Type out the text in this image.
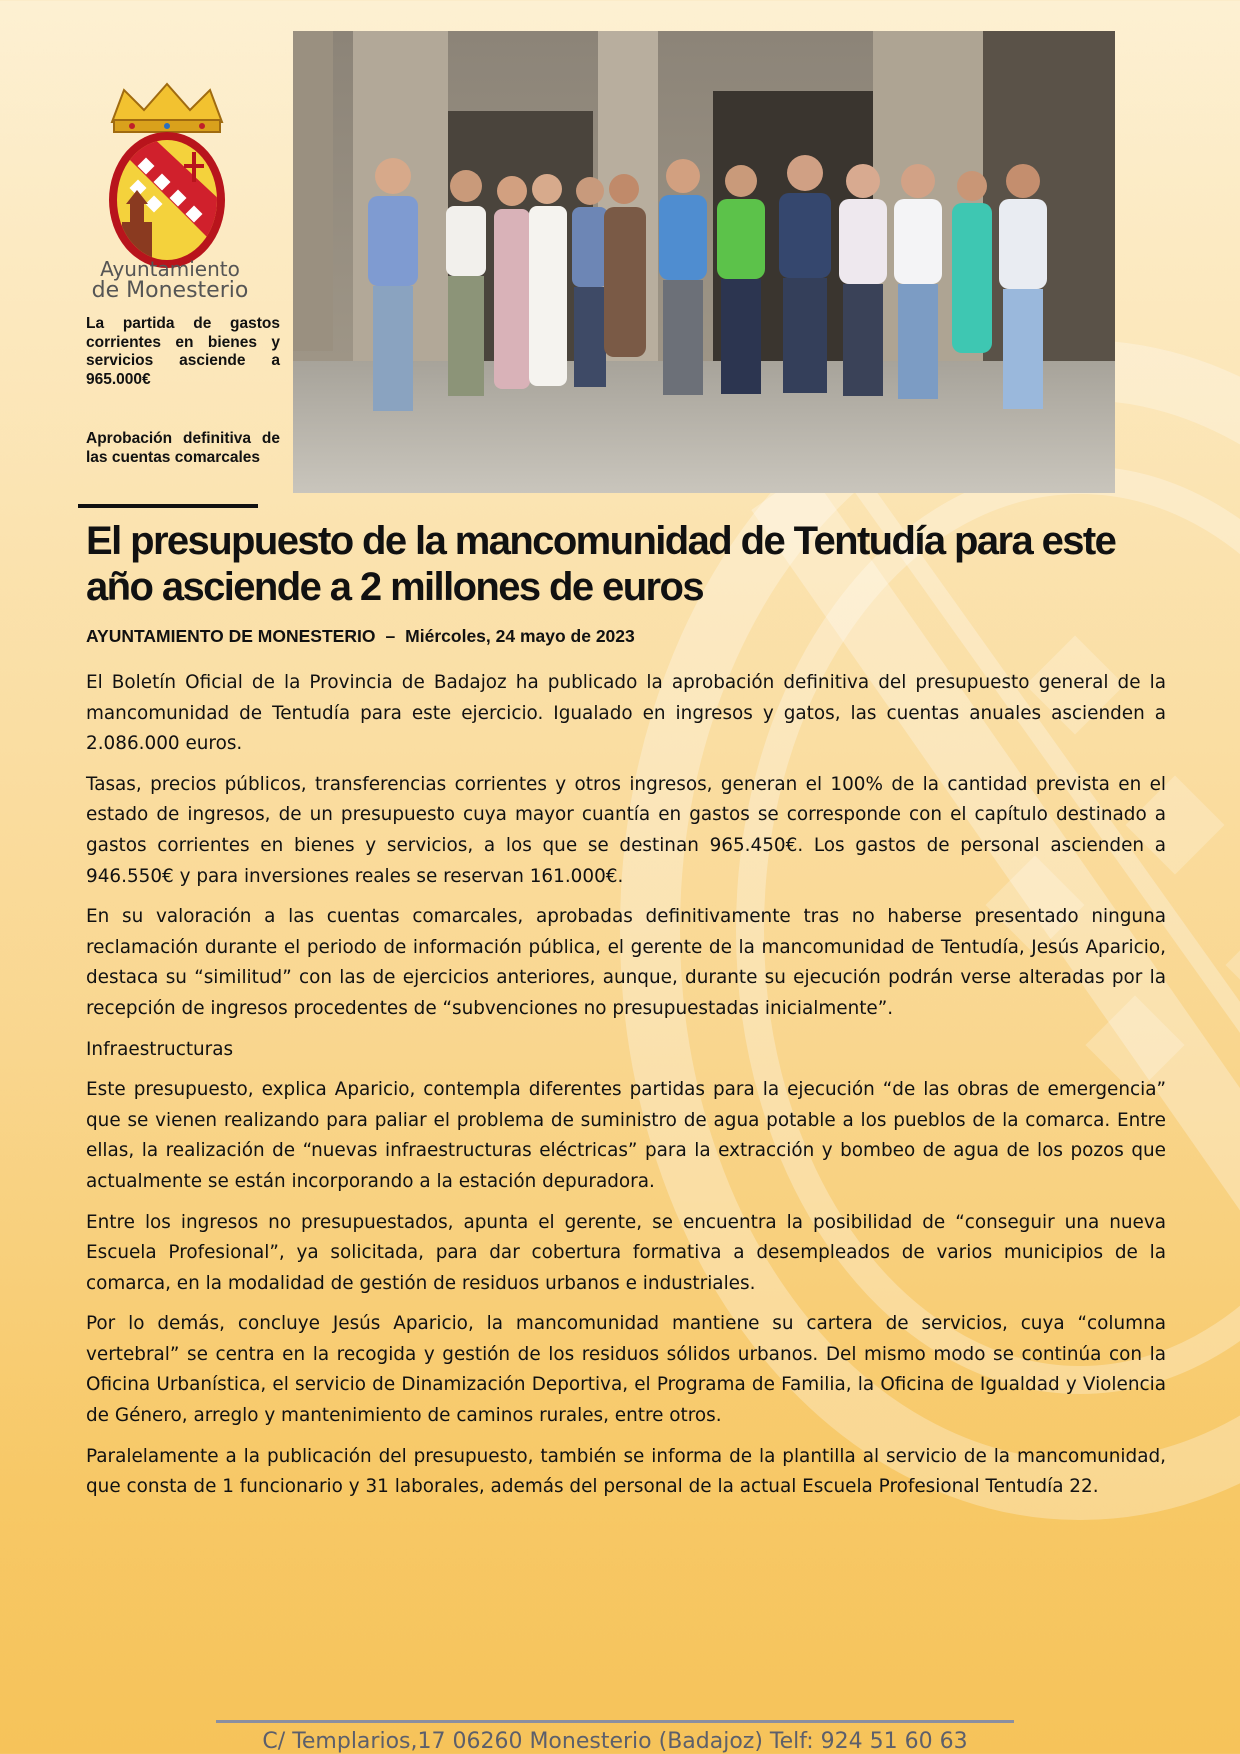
Ayuntamiento
de Monesterio

La partida de gastos corrientes en bienes y servicios asciende a 965.000€

Aprobación definitiva de las cuentas comarcales

El presupuesto de la mancomunidad de Tentudía para este año asciende a 2 millones de euros
AYUNTAMIENTO DE MONESTERIO – Miércoles, 24 mayo de 2023

El Boletín Oficial de la Provincia de Badajoz ha publicado la aprobación definitiva del presupuesto general de la mancomunidad de Tentudía para este ejercicio. Igualado en ingresos y gatos, las cuentas anuales ascienden a 2.086.000 euros.

Tasas, precios públicos, transferencias corrientes y otros ingresos, generan el 100% de la cantidad prevista en el estado de ingresos, de un presupuesto cuya mayor cuantía en gastos se corresponde con el capítulo destinado a gastos corrientes en bienes y servicios, a los que se destinan 965.450€. Los gastos de personal ascienden a 946.550€ y para inversiones reales se reservan 161.000€.

En su valoración a las cuentas comarcales, aprobadas definitivamente tras no haberse presentado ninguna reclamación durante el periodo de información pública, el gerente de la mancomunidad de Tentudía, Jesús Aparicio, destaca su “similitud” con las de ejercicios anteriores, aunque, durante su ejecución podrán verse alteradas por la recepción de ingresos procedentes de “subvenciones no presupuestadas inicialmente”.

Infraestructuras

Este presupuesto, explica Aparicio, contempla diferentes partidas para la ejecución “de las obras de emergencia” que se vienen realizando para paliar el problema de suministro de agua potable a los pueblos de la comarca. Entre ellas, la realización de “nuevas infraestructuras eléctricas” para la extracción y bombeo de agua de los pozos que actualmente se están incorporando a la estación depuradora.

Entre los ingresos no presupuestados, apunta el gerente, se encuentra la posibilidad de “conseguir una nueva Escuela Profesional”, ya solicitada, para dar cobertura formativa a desempleados de varios municipios de la comarca, en la modalidad de gestión de residuos urbanos e industriales.

Por lo demás, concluye Jesús Aparicio, la mancomunidad mantiene su cartera de servicios, cuya “columna vertebral” se centra en la recogida y gestión de los residuos sólidos urbanos. Del mismo modo se continúa con la Oficina Urbanística, el servicio de Dinamización Deportiva, el Programa de Familia, la Oficina de Igualdad y Violencia de Género, arreglo y mantenimiento de caminos rurales, entre otros.

Paralelamente a la publicación del presupuesto, también se informa de la plantilla al servicio de la mancomunidad, que consta de 1 funcionario y 31 laborales, además del personal de la actual Escuela Profesional Tentudía 22.

C/ Templarios,17 06260 Monesterio (Badajoz) Telf: 924 51 60 63
